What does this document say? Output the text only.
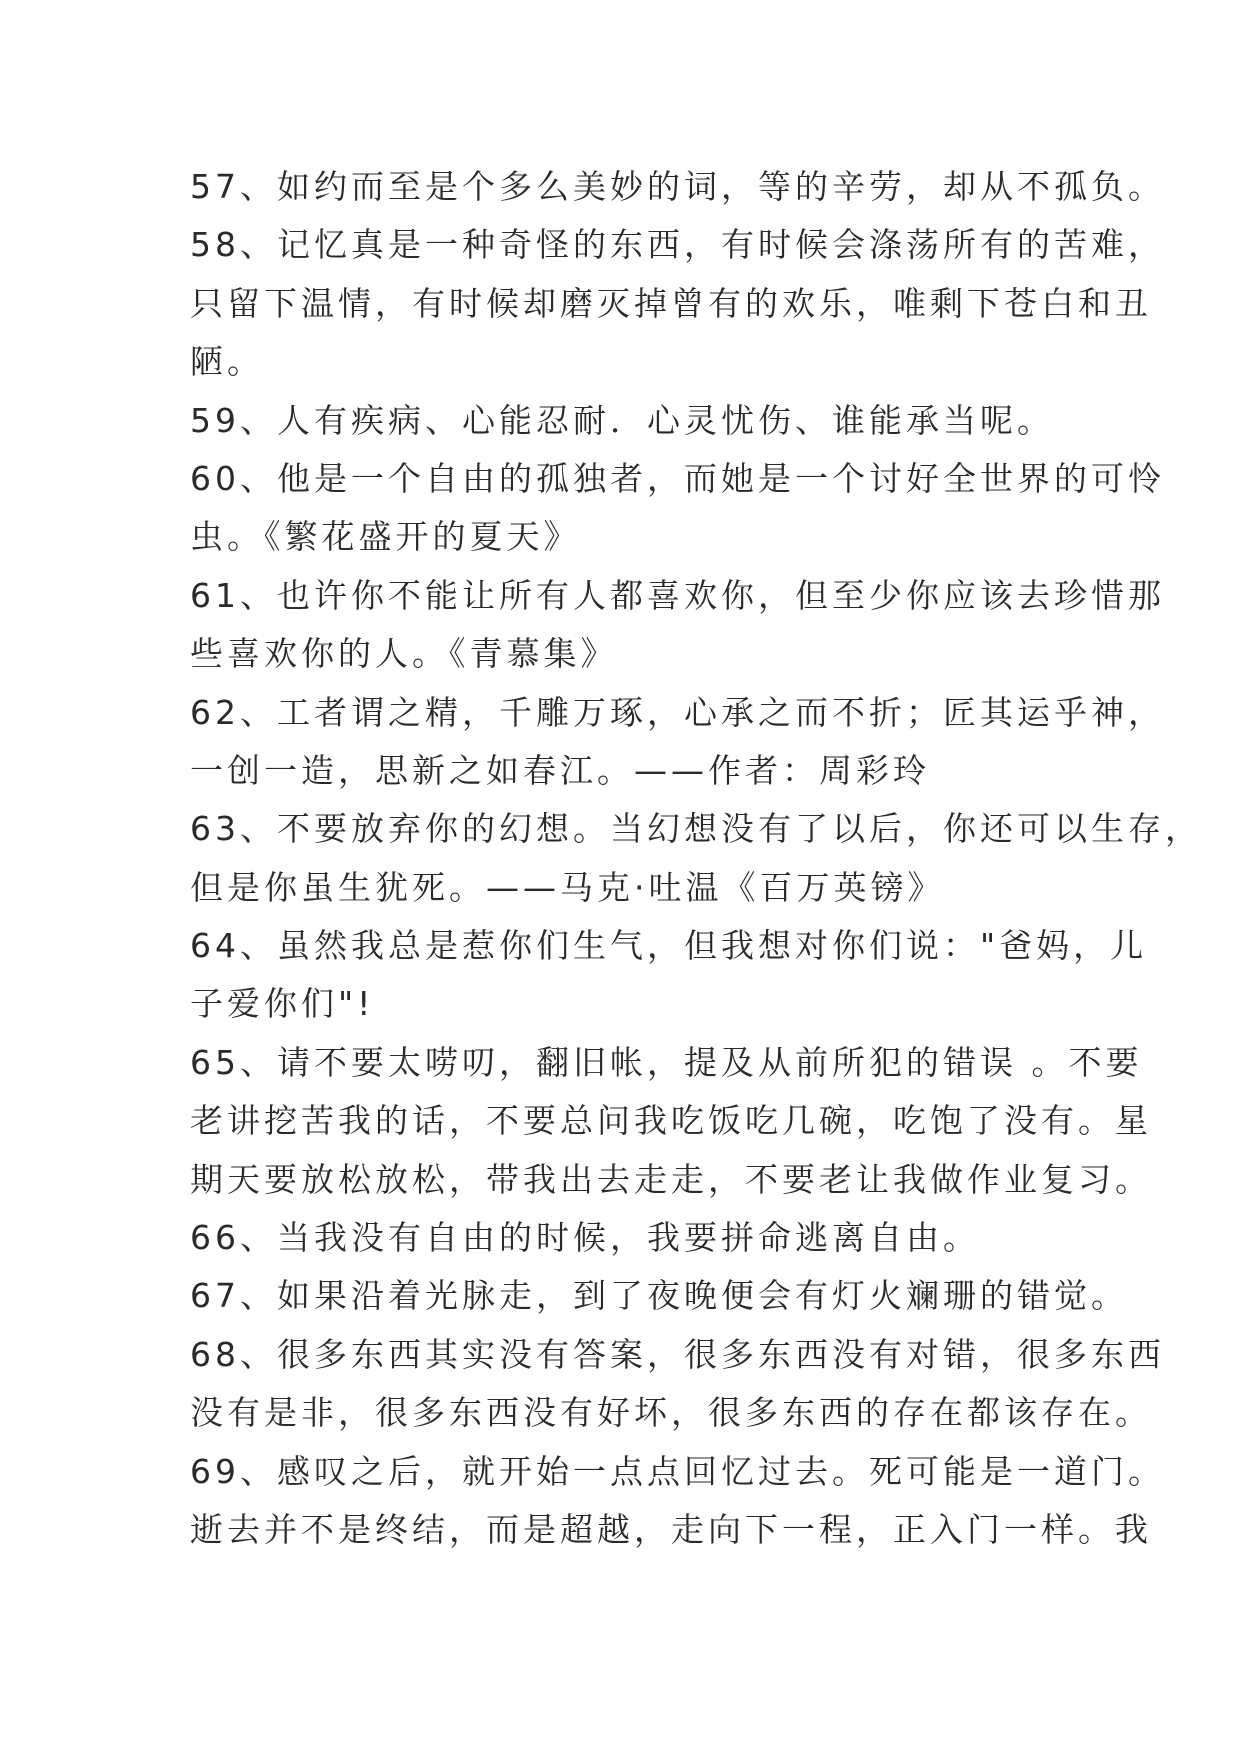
57、如约而至是个多么美妙的词，等的辛劳，却从不孤负。
58、记忆真是一种奇怪的东西，有时候会涤荡所有的苦难，
只留下温情，有时候却磨灭掉曾有的欢乐，唯剩下苍白和丑
陋。
59、人有疾病、心能忍耐．心灵忧伤、谁能承当呢。
60、他是一个自由的孤独者，而她是一个讨好全世界的可怜
虫。《繁花盛开的夏天》
61、也许你不能让所有人都喜欢你，但至少你应该去珍惜那
些喜欢你的人。《青慕集》
62、工者谓之精，千雕万琢，心承之而不折；匠其运乎神，
一创一造，思新之如春江。——作者：周彩玲
63、不要放弃你的幻想。当幻想没有了以后，你还可以生存，
但是你虽生犹死。——马克·吐温《百万英镑》
64、虽然我总是惹你们生气，但我想对你们说："爸妈，儿
子爱你们"!
65、请不要太唠叨，翻旧帐，提及从前所犯的错误 。不要
老讲挖苦我的话，不要总问我吃饭吃几碗，吃饱了没有。星
期天要放松放松，带我出去走走，不要老让我做作业复习。
66、当我没有自由的时候，我要拼命逃离自由。
67、如果沿着光脉走，到了夜晚便会有灯火斓珊的错觉。
68、很多东西其实没有答案，很多东西没有对错，很多东西
没有是非，很多东西没有好坏，很多东西的存在都该存在。
69、感叹之后，就开始一点点回忆过去。死可能是一道门。
逝去并不是终结，而是超越，走向下一程，正入门一样。我
